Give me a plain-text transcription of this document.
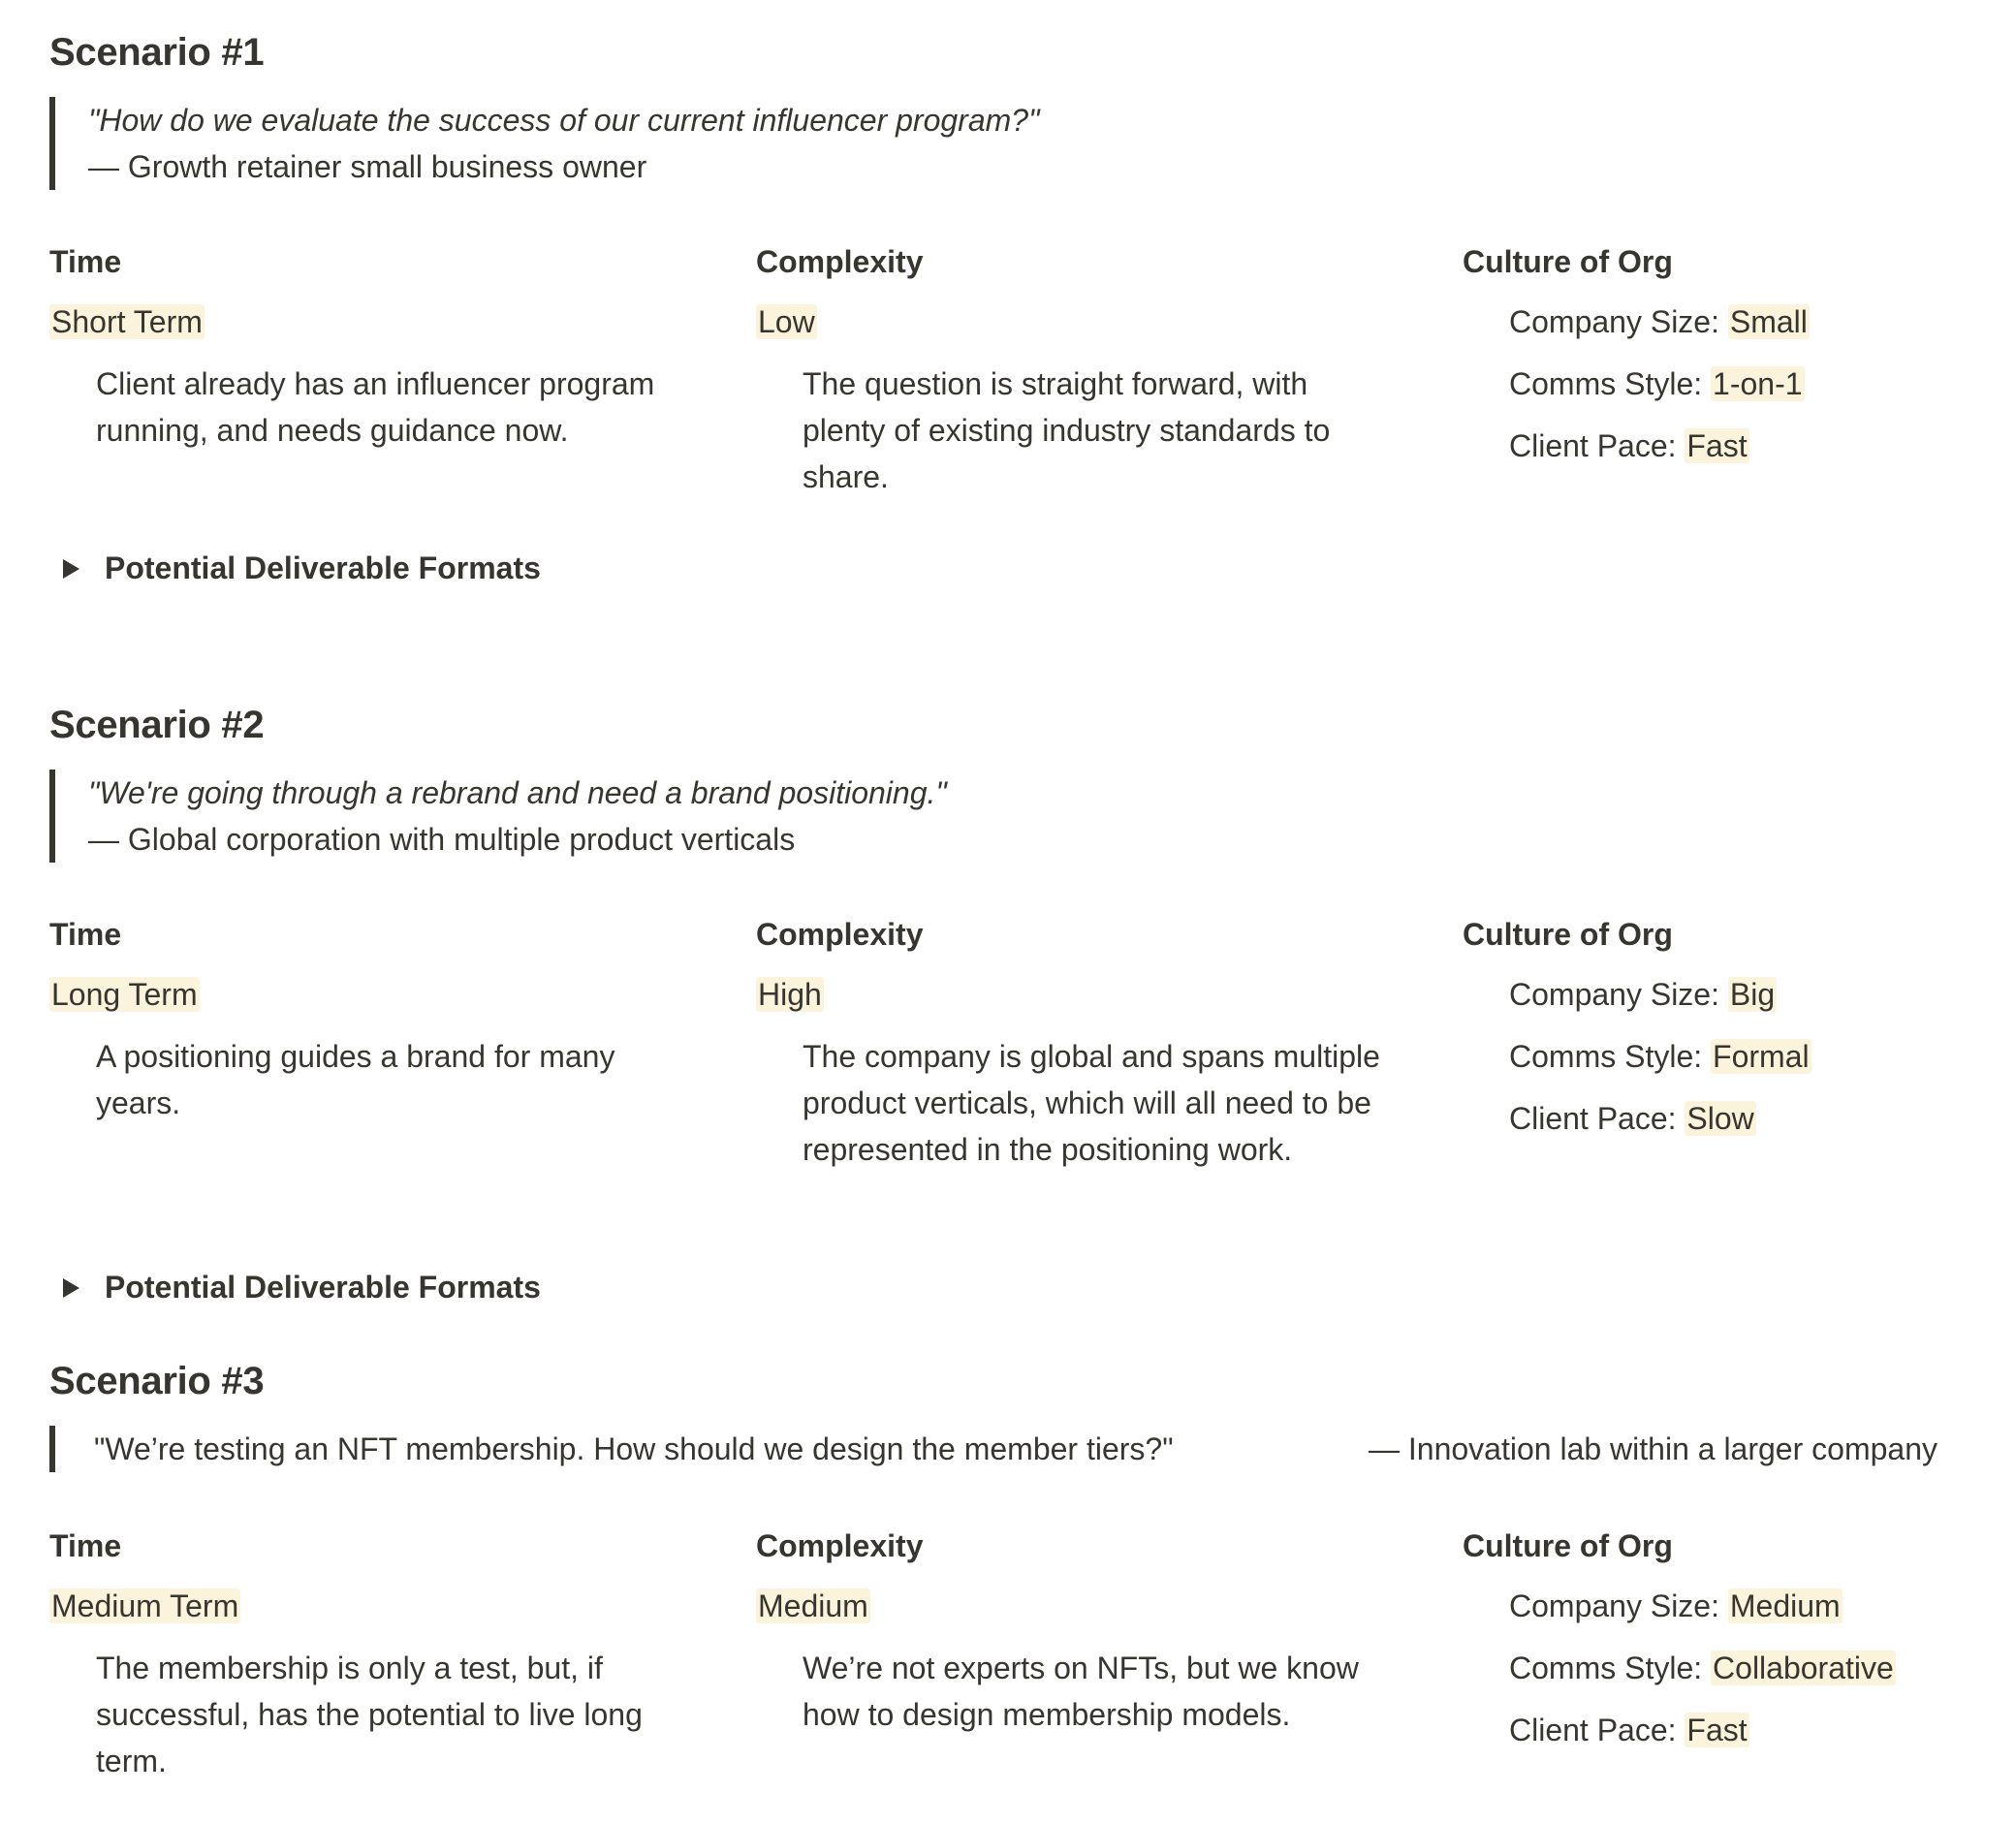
Scenario #1
"How do we evaluate the success of our current influencer program?"
— Growth retainer small business owner
Time
Short Term
Client already has an influencer program running, and needs guidance now.
Complexity
Low
The question is straight forward, with plenty of existing industry standards to share.
Culture of Org
Company Size: Small
Comms Style: 1-on-1
Client Pace: Fast
Potential Deliverable Formats
Scenario #2
"We're going through a rebrand and need a brand positioning."
— Global corporation with multiple product verticals
Time
Long Term
A positioning guides a brand for many years.
Complexity
High
The company is global and spans multiple product verticals, which will all need to be represented in the positioning work.
Culture of Org
Company Size: Big
Comms Style: Formal
Client Pace: Slow
Potential Deliverable Formats
Scenario #3
"We’re testing an NFT membership. How should we design the member tiers?"	— Innovation lab within a larger company
Time
Medium Term
The membership is only a test, but, if successful, has the potential to live long term.
Complexity
Medium
We’re not experts on NFTs, but we know how to design membership models.
Culture of Org
Company Size: Medium
Comms Style: Collaborative
Client Pace: Fast
